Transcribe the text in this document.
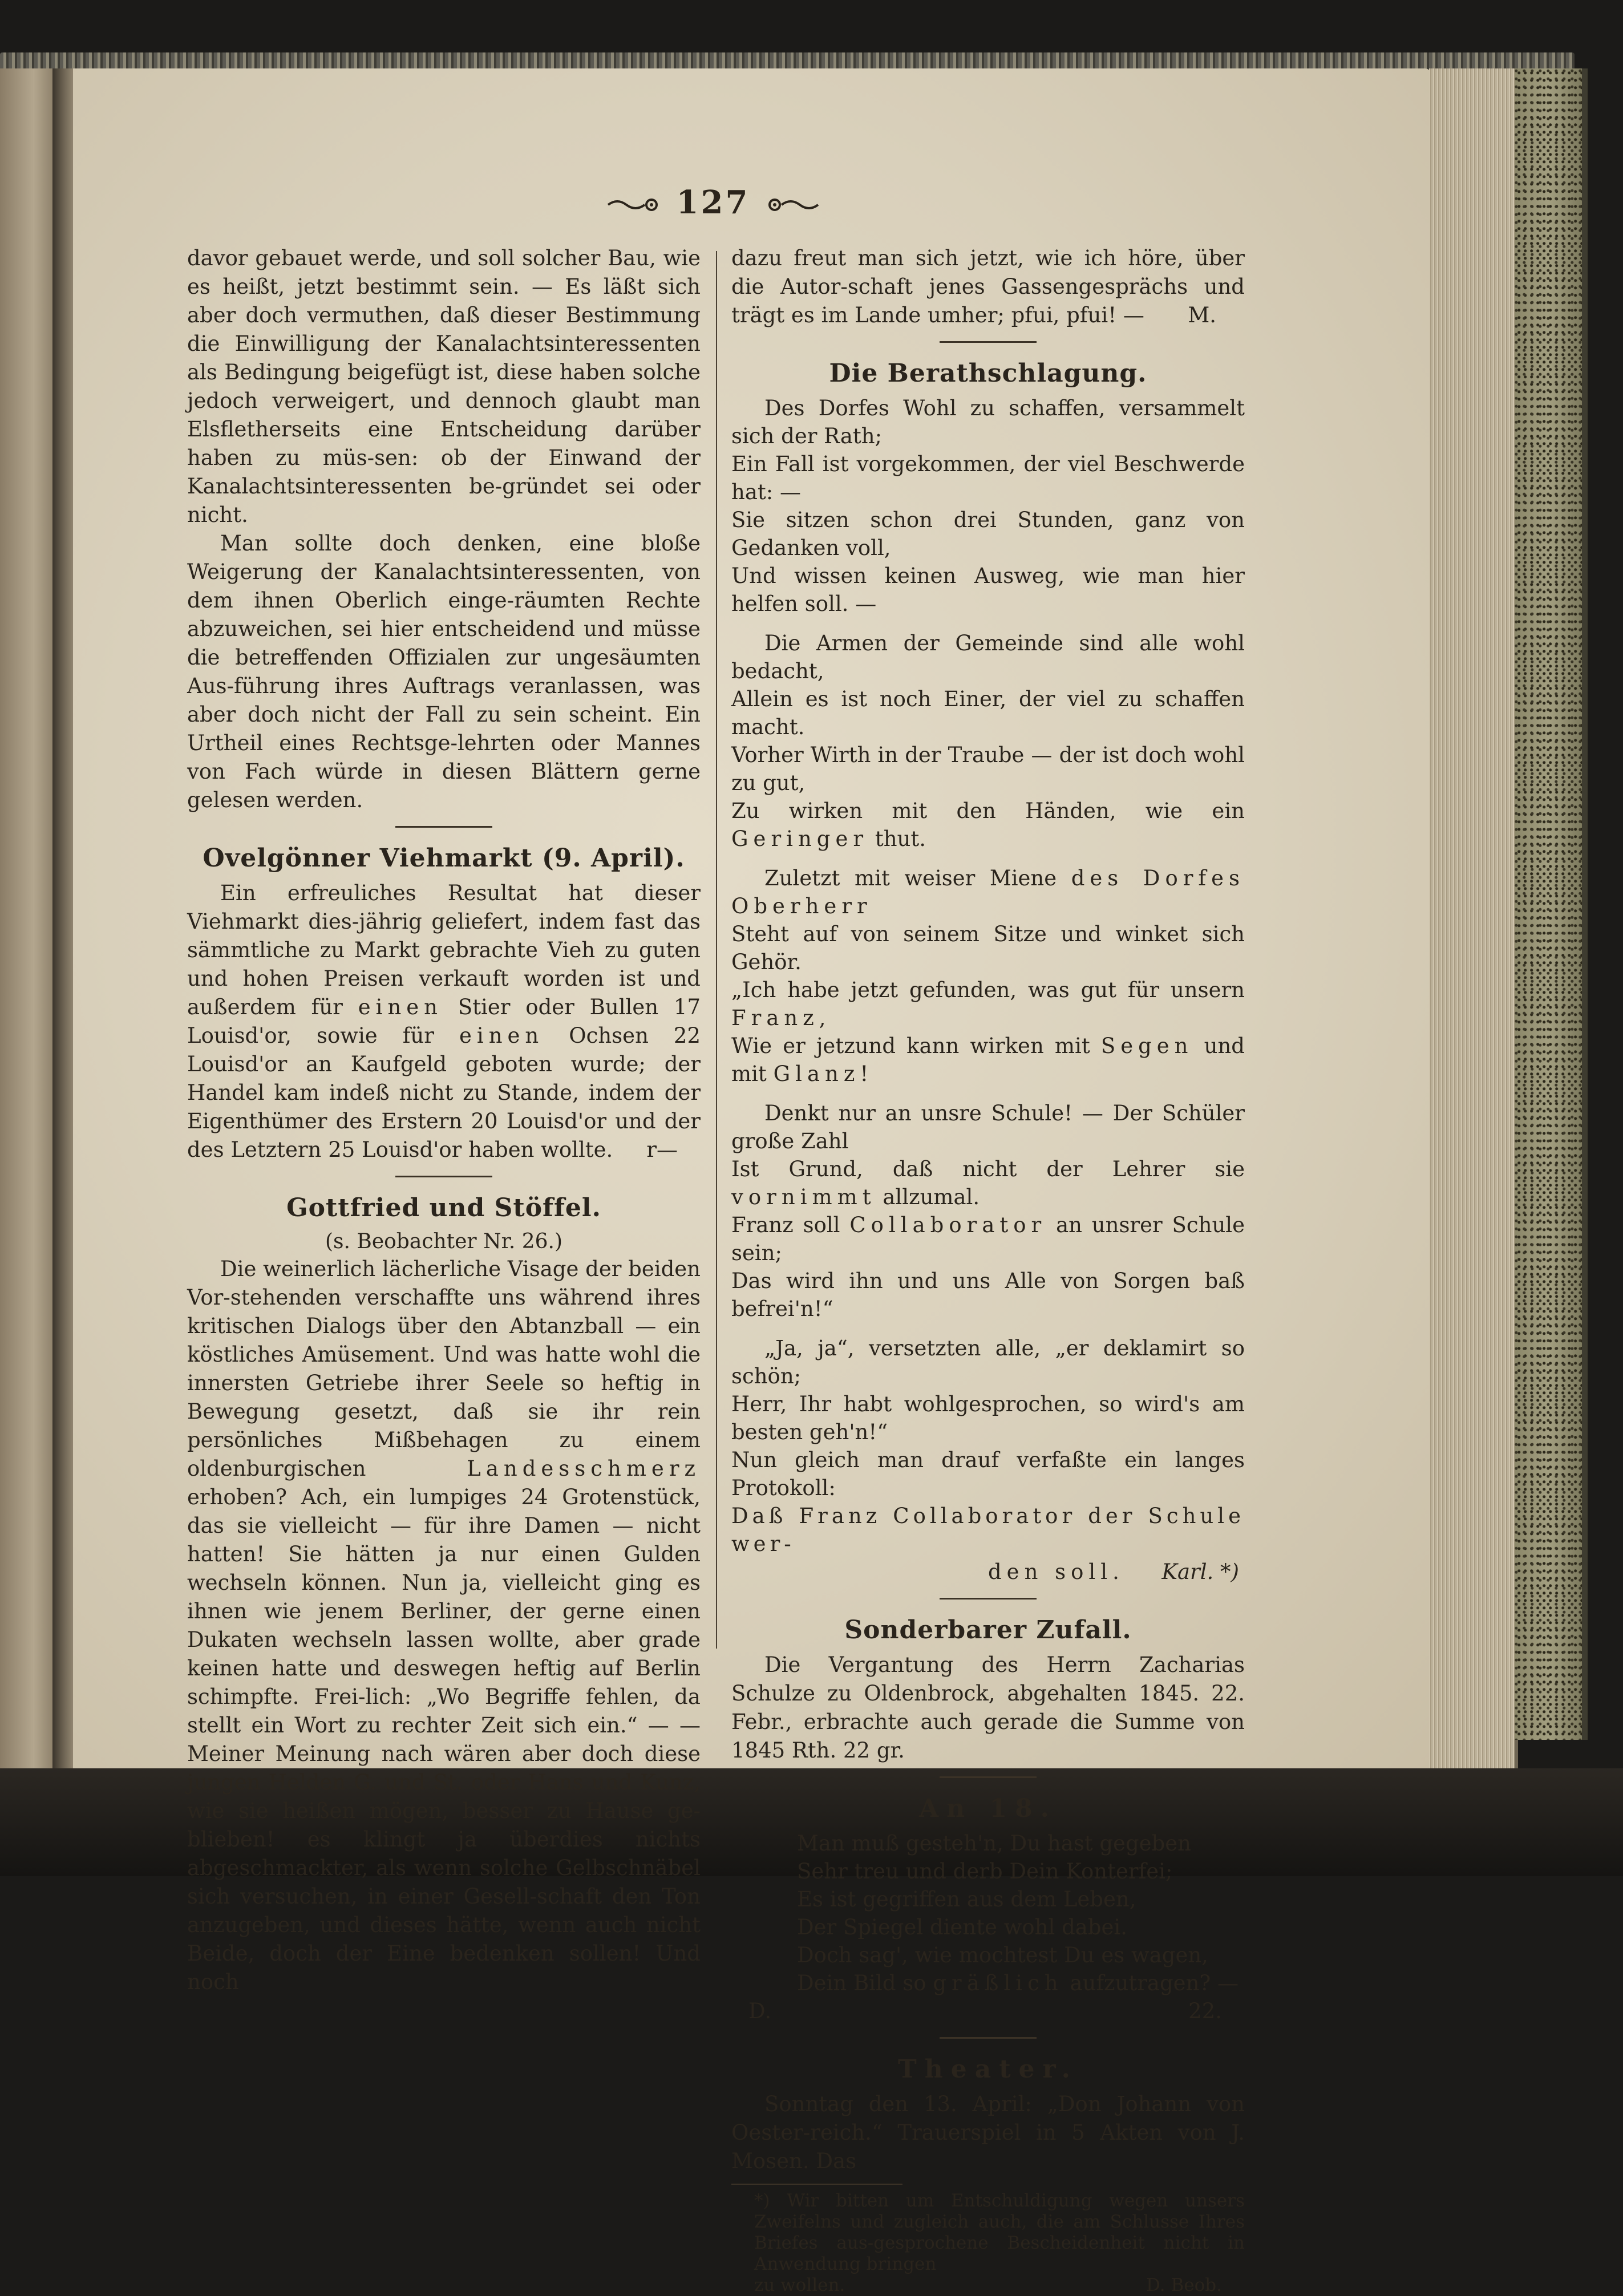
127

davor gebauet werde, und soll solcher Bau, wie es heißt, jetzt bestimmt sein. — Es läßt sich aber doch vermuthen, daß dieser Bestimmung die Einwilligung der Kanalachtsinteressenten als Bedingung beigefügt ist, diese haben solche jedoch verweigert, und dennoch glaubt man Elsfletherseits eine Entscheidung darüber haben zu müs-sen: ob der Einwand der Kanalachtsinteressenten be-gründet sei oder nicht.

Man sollte doch denken, eine bloße Weigerung der Kanalachtsinteressenten, von dem ihnen Oberlich einge-räumten Rechte abzuweichen, sei hier entscheidend und müsse die betreffenden Offizialen zur ungesäumten Aus-führung ihres Auftrags veranlassen, was aber doch nicht der Fall zu sein scheint. Ein Urtheil eines Rechtsge-lehrten oder Mannes von Fach würde in diesen Blättern gerne gelesen werden.

Ovelgönner Viehmarkt (9. April).

Ein erfreuliches Resultat hat dieser Viehmarkt dies-jährig geliefert, indem fast das sämmtliche zu Markt gebrachte Vieh zu guten und hohen Preisen verkauft worden ist und außerdem für einen Stier oder Bullen 17 Louisd'or, sowie für einen Ochsen 22 Louisd'or an Kaufgeld geboten wurde; der Handel kam indeß nicht zu Stande, indem der Eigenthümer des Erstern 20 Louisd'or und der des Letztern 25 Louisd'or haben wollte.	r—

Gottfried und Stöffel.

(s. Beobachter Nr. 26.)

Die weinerlich lächerliche Visage der beiden Vor-stehenden verschaffte uns während ihres kritischen Dialogs über den Abtanzball — ein köstliches Amüsement. Und was hatte wohl die innersten Getriebe ihrer Seele so heftig in Bewegung gesetzt, daß sie ihr rein persönliches Mißbehagen zu einem oldenburgischen	Landesschmerz erhoben? Ach, ein lumpiges 24 Grotenstück, das sie vielleicht — für ihre Damen — nicht hatten! Sie hätten ja nur einen Gulden wechseln können. Nun ja, vielleicht ging es ihnen wie jenem Berliner, der gerne einen Dukaten wechseln lassen wollte, aber grade keinen hatte und deswegen heftig auf Berlin schimpfte. Frei-lich: „Wo Begriffe fehlen, da stellt ein Wort zu rechter Zeit sich ein.“ — — Meiner Meinung nach wären aber doch diese jungen Helden G. und St. oder Hans und Kunz, wie sie heißen mögen, besser zu Hause ge-blieben! es klingt ja überdies nichts abgeschmackter, als wenn solche Gelbschnäbel sich versuchen, in einer Gesell-schaft den Ton anzugeben, und dieses hätte, wenn auch nicht Beide, doch der Eine bedenken sollen! Und noch

dazu freut man sich jetzt, wie ich höre, über die Autor-schaft jenes Gassengesprächs und trägt es im Lande umher; pfui, pfui! —	M.

Die Berathschlagung.

Des Dorfes Wohl zu schaffen, versammelt sich der Rath;

Ein Fall ist vorgekommen, der viel Beschwerde hat: —

Sie sitzen schon drei Stunden, ganz von Gedanken voll,

Und wissen keinen Ausweg, wie man hier helfen soll. —

Die Armen der Gemeinde sind alle wohl bedacht,

Allein es ist noch Einer, der viel zu schaffen macht.

Vorher Wirth in der Traube — der ist doch wohl zu gut,

Zu wirken mit den Händen, wie ein Geringer thut.

Zuletzt mit weiser Miene des Dorfes Oberherr

Steht auf von seinem Sitze und winket sich Gehör.

„Ich habe jetzt gefunden, was gut für unsern Franz,

Wie er jetzund kann wirken mit Segen und mit Glanz!

Denkt nur an unsre Schule! — Der Schüler große Zahl

Ist Grund, daß nicht der Lehrer sie vornimmt allzumal.

Franz soll Collaborator an unsrer Schule sein;

Das wird ihn und uns Alle von Sorgen baß befrei'n!“

„Ja, ja“, versetzten alle, „er deklamirt so schön;

Herr, Ihr habt wohlgesprochen, so wird's am besten geh'n!“

Nun gleich man drauf verfaßte ein langes Protokoll:

Daß Franz Collaborator der Schule wer-

den soll. Karl. *)
Sonderbarer Zufall.

Die Vergantung des Herrn Zacharias Schulze zu Oldenbrock, abgehalten 1845. 22. Febr., erbrachte auch gerade die Summe von 1845 Rth. 22 gr.

An 18.

Man muß gesteh'n, Du hast gegeben

Sehr treu und derb Dein Konterfei;

Es ist gegriffen aus dem Leben,

Der Spiegel diente wohl dabei.

Doch sag', wie mochtest Du es wagen,

Dein Bild so gräßlich aufzutragen? —

D.	22.
Theater.

Sonntag den 13. April: „Don Johann von Oester-reich.“ Trauerspiel in 5 Akten von J. Mosen. Das

*) Wir bitten um Entschuldigung wegen unsers Zweifelns und zugleich auch, die am Schlusse Ihres Briefes aus-gesprochene Bescheidenheit nicht in Anwendung bringen

zu wollen.	D. Beob.
